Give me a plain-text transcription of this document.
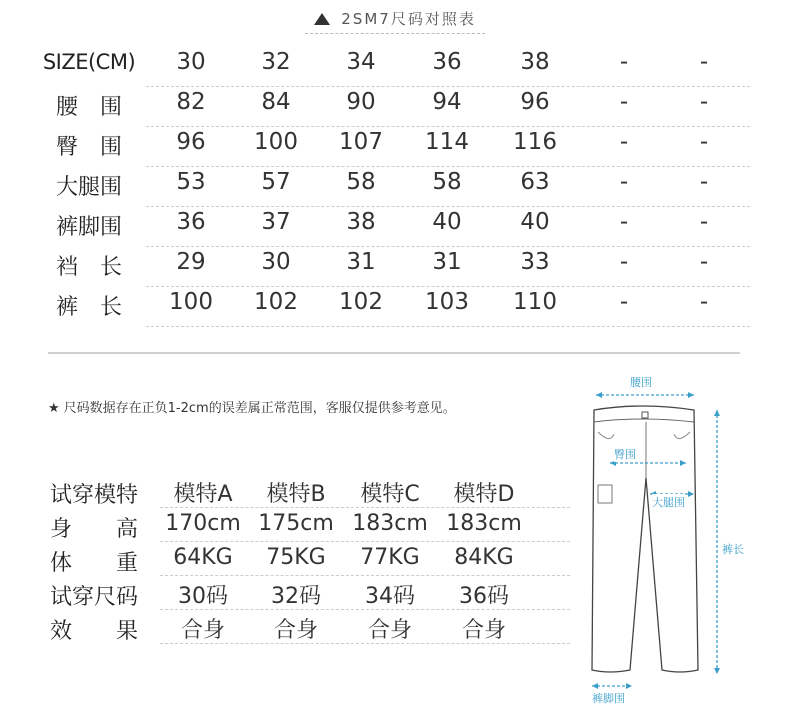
2SM7尺码对照表
SIZE(CM)	30	32	34	36	38	-	-
腰　围	82	84	90	94	96	-	-
臀　围	96	100	107	114	116	-	-
大腿围	53	57	58	58	63	-	-
裤脚围	36	37	38	40	40	-	-
裆　长	29	30	31	31	33	-	-
裤　长	100	102	102	103	110	-	-
★ 尺码数据存在正负1-2cm的误差属正常范围，客服仅提供参考意见。
试穿模特	模特A	模特B	模特C	模特D
身　　高	170cm 175cm 183cm 183cm
体　　重	64KG	75KG	77KG	84KG
试穿尺码	30码	32码	34码	36码
效　　果	合身	合身	合身	合身
腰围
臀围
大腿围
裤长
裤脚围
